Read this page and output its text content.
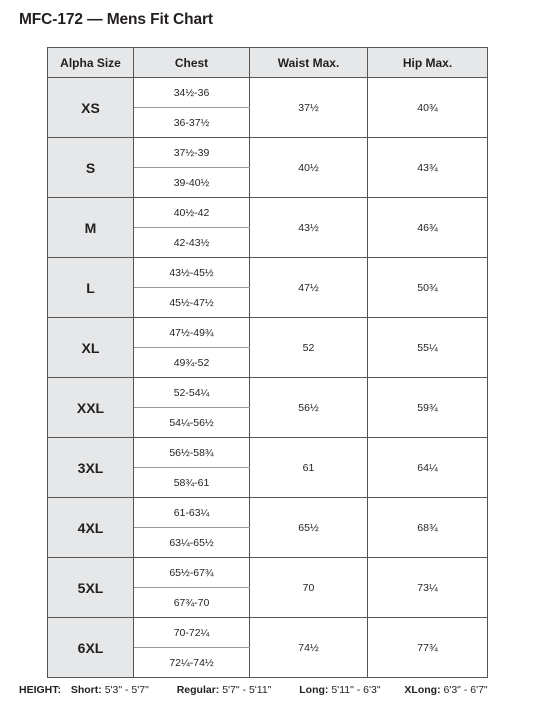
MFC-172 — Mens Fit Chart
Alpha Size	Chest	Waist Max.	Hip Max.
XS	34½-36	37½	40¾
	36-37½		
S	37½-39	40½	43¾
	39-40½		
M	40½-42	43½	46¾
	42-43½		
L	43½-45½	47½	50¾
	45½-47½		
XL	47½-49¾	52	55¼
	49¾-52		
XXL	52-54¼	56½	59¾
	54¼-56½		
3XL	56½-58¾	61	64¼
	58¾-61		
4XL	61-63¼	65½	68¾
	63¼-65½		
5XL	65½-67¾	70	73¼
	67¾-70		
6XL	70-72¼	74½	77¾
	72¼-74½		
HEIGHT: Short: 5'3" - 5'7"	Regular: 5'7" - 5'11"	Long: 5'11" - 6'3" XLong: 6'3" - 6'7"
